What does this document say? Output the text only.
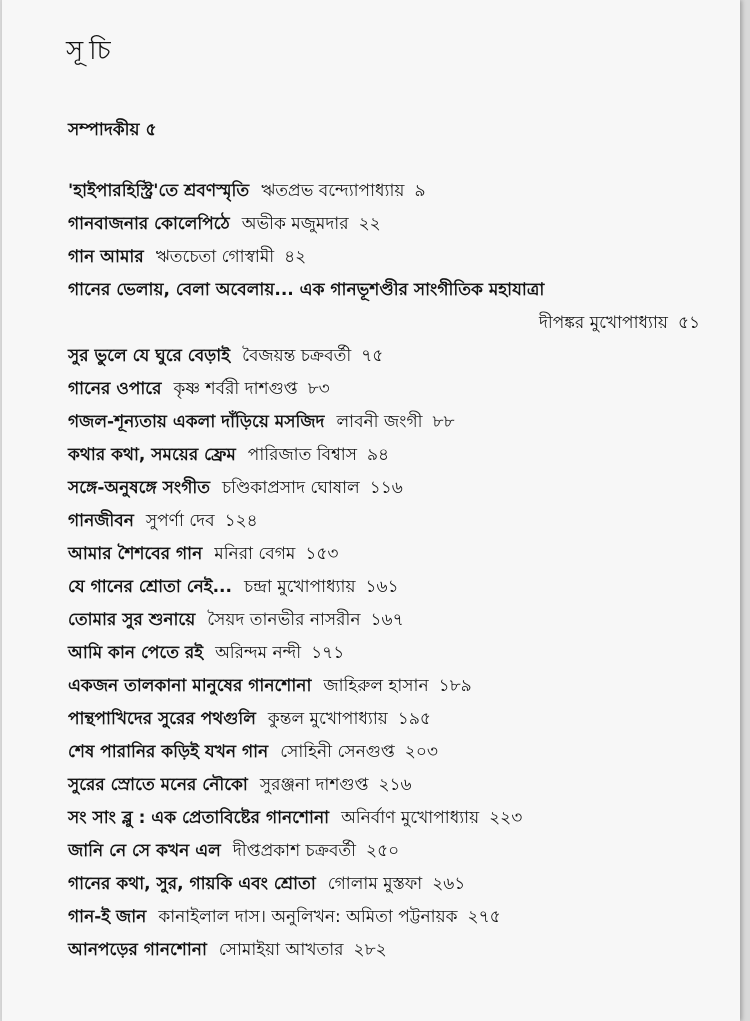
সূচি
সম্পাদকীয় ৫
'হাইপারহিস্ট্রি'তে শ্রবণস্মৃতি ঋতপ্রভ বন্দ্যোপাধ্যায় ৯
গানবাজনার কোলেপিঠে অভীক মজুমদার ২২
গান আমার ঋতচেতা গোস্বামী ৪২
গানের ভেলায়, বেলা অবেলায়... এক গানভূশণ্ডীর সাংগীতিক মহাযাত্রা
দীপঙ্কর মুখোপাধ্যায় ৫১
সুর ভুলে যে ঘুরে বেড়াই বৈজয়ন্ত চক্রবর্তী ৭৫
গানের ওপারে কৃষ্ণ শর্বরী দাশগুপ্ত ৮৩
গজল-শূন্যতায় একলা দাঁড়িয়ে মসজিদ লাবনী জংগী ৮৮
কথার কথা, সময়ের ফ্রেম পারিজাত বিশ্বাস ৯৪
সঙ্গে-অনুষঙ্গে সংগীত চণ্ডিকাপ্রসাদ ঘোষাল ১১৬
গানজীবন সুপর্ণা দেব ১২৪
আমার শৈশবের গান মনিরা বেগম ১৫৩
যে গানের শ্রোতা নেই... চন্দ্রা মুখোপাধ্যায় ১৬১
তোমার সুর শুনায়ে সৈয়দ তানভীর নাসরীন ১৬৭
আমি কান পেতে রই অরিন্দম নন্দী ১৭১
একজন তালকানা মানুষের গানশোনা জাহিরুল হাসান ১৮৯
পান্থপাখিদের সুরের পথগুলি কুন্তল মুখোপাধ্যায় ১৯৫
শেষ পারানির কড়িই যখন গান সোহিনী সেনগুপ্ত ২০৩
সুরের স্রোতে মনের নৌকো সুরঞ্জনা দাশগুপ্ত ২১৬
সং সাং ব্লু : এক প্রেতাবিষ্টের গানশোনা অনির্বাণ মুখোপাধ্যায় ২২৩
জানি নে সে কখন এল দীপ্তপ্রকাশ চক্রবর্তী ২৫০
গানের কথা, সুর, গায়কি এবং শ্রোতা গোলাম মুস্তফা ২৬১
গান-ই জান কানাইলাল দাস। অনুলিখন: অমিতা পট্টনায়ক ২৭৫
আনপড়ের গানশোনা সোমাইয়া আখতার ২৮২
